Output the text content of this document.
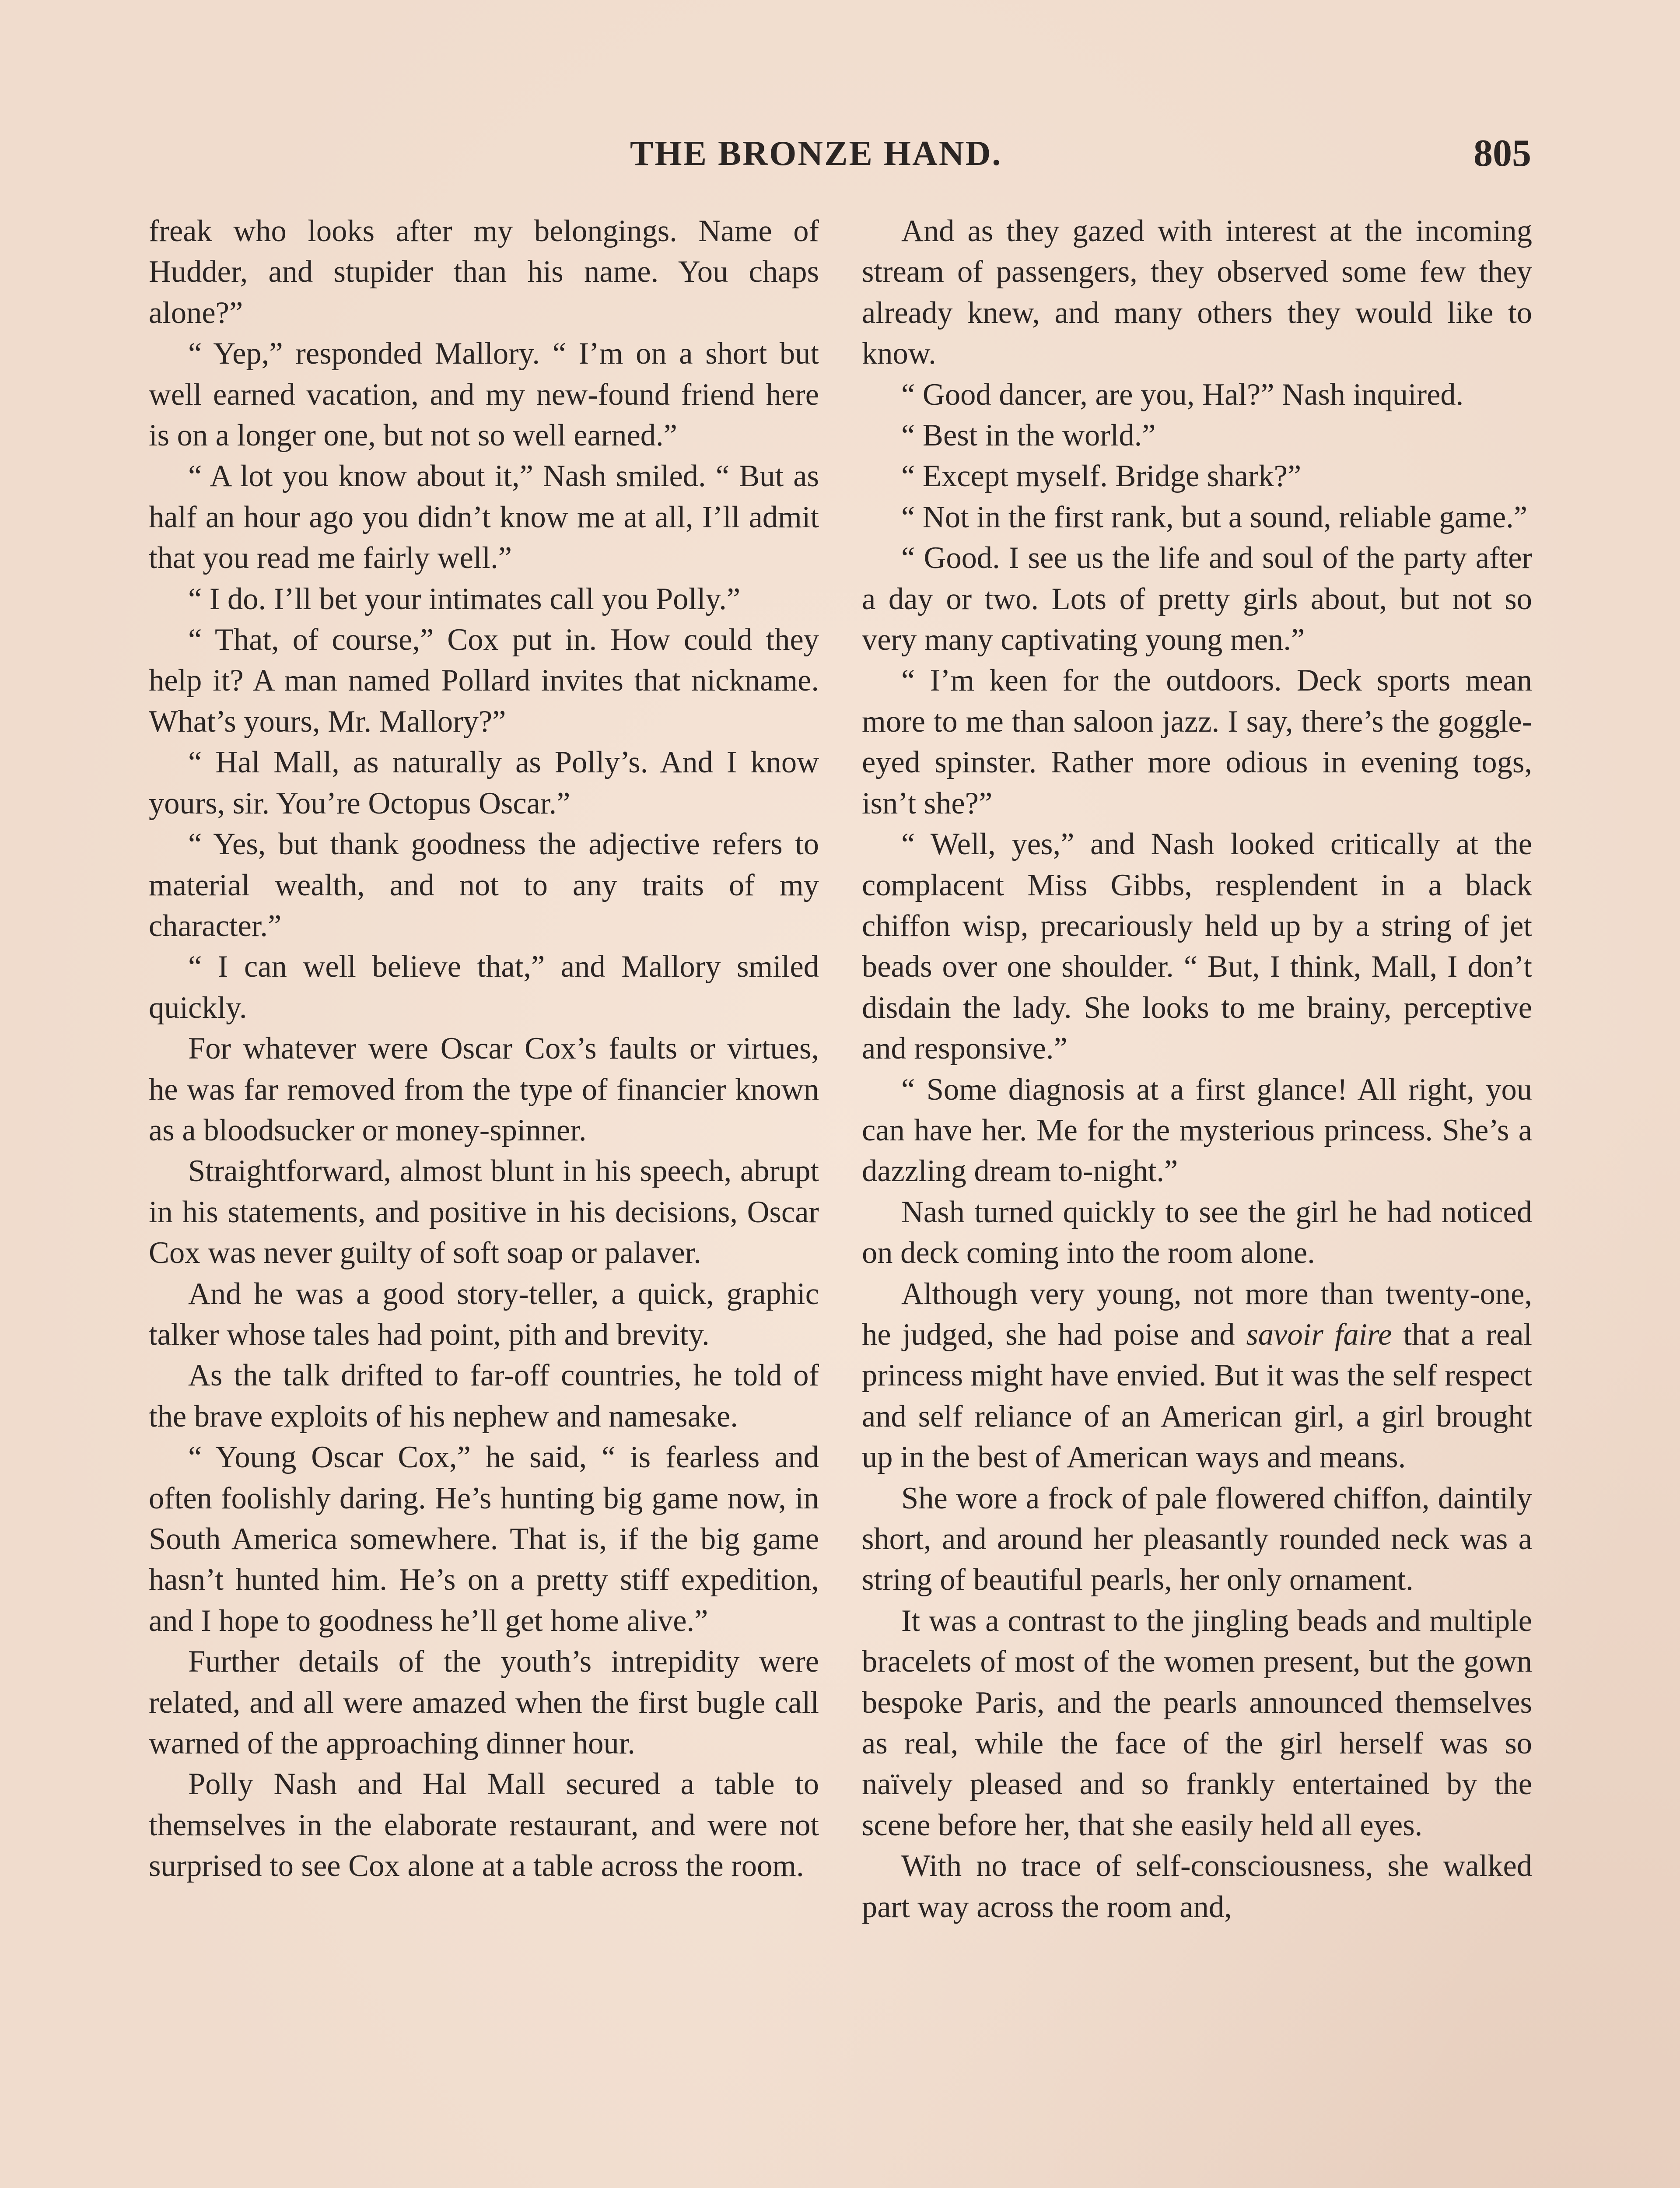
THE BRONZE HAND.	805

freak who looks after my belongings. Name of Hudder, and stupider than his name. You chaps alone?”

“ Yep,” responded Mallory. “ I’m on a short but well earned vacation, and my new-found friend here is on a longer one, but not so well earned.”

“ A lot you know about it,” Nash smiled. “ But as half an hour ago you didn’t know me at all, I’ll admit that you read me fairly well.”

“ I do. I’ll bet your intimates call you Polly.”

“ That, of course,” Cox put in. How could they help it? A man named Pollard invites that nickname. What’s yours, Mr. Mallory?”

“ Hal Mall, as naturally as Polly’s. And I know yours, sir. You’re Octopus Oscar.”

“ Yes, but thank goodness the adjective refers to material wealth, and not to any traits of my character.”

“ I can well believe that,” and Mallory smiled quickly.

For whatever were Oscar Cox’s faults or virtues, he was far removed from the type of financier known as a bloodsucker or money-spinner.

Straightforward, almost blunt in his speech, abrupt in his statements, and positive in his decisions, Oscar Cox was never guilty of soft soap or palaver.

And he was a good story-teller, a quick, graphic talker whose tales had point, pith and brevity.

As the talk drifted to far-off countries, he told of the brave exploits of his nephew and namesake.

“ Young Oscar Cox,” he said, “ is fearless and often foolishly daring. He’s hunting big game now, in South America somewhere. That is, if the big game hasn’t hunted him. He’s on a pretty stiff expedition, and I hope to goodness he’ll get home alive.”

Further details of the youth’s intrepidity were related, and all were amazed when the first bugle call warned of the approaching dinner hour.

Polly Nash and Hal Mall secured a table to themselves in the elaborate restaurant, and were not surprised to see Cox alone at a table across the room.

And as they gazed with interest at the incoming stream of passengers, they observed some few they already knew, and many others they would like to know.

“ Good dancer, are you, Hal?” Nash inquired.

“ Best in the world.”

“ Except myself. Bridge shark?”

“ Not in the first rank, but a sound, reliable game.”

“ Good. I see us the life and soul of the party after a day or two. Lots of pretty girls about, but not so very many captivating young men.”

“ I’m keen for the outdoors. Deck sports mean more to me than saloon jazz. I say, there’s the goggle-eyed spinster. Rather more odious in evening togs, isn’t she?”

“ Well, yes,” and Nash looked critically at the complacent Miss Gibbs, resplendent in a black chiffon wisp, precariously held up by a string of jet beads over one shoulder. “ But, I think, Mall, I don’t disdain the lady. She looks to me brainy, perceptive and responsive.”

“ Some diagnosis at a first glance! All right, you can have her. Me for the mysterious princess. She’s a dazzling dream to-night.”

Nash turned quickly to see the girl he had noticed on deck coming into the room alone.

Although very young, not more than twenty-one, he judged, she had poise and savoir faire that a real princess might have envied. But it was the self respect and self reliance of an American girl, a girl brought up in the best of American ways and means.

She wore a frock of pale flowered chiffon, daintily short, and around her pleasantly rounded neck was a string of beautiful pearls, her only ornament.

It was a contrast to the jingling beads and multiple bracelets of most of the women present, but the gown bespoke Paris, and the pearls announced themselves as real, while the face of the girl herself was so naïvely pleased and so frankly entertained by the scene before her, that she easily held all eyes.

With no trace of self-consciousness, she walked part way across the room and,
